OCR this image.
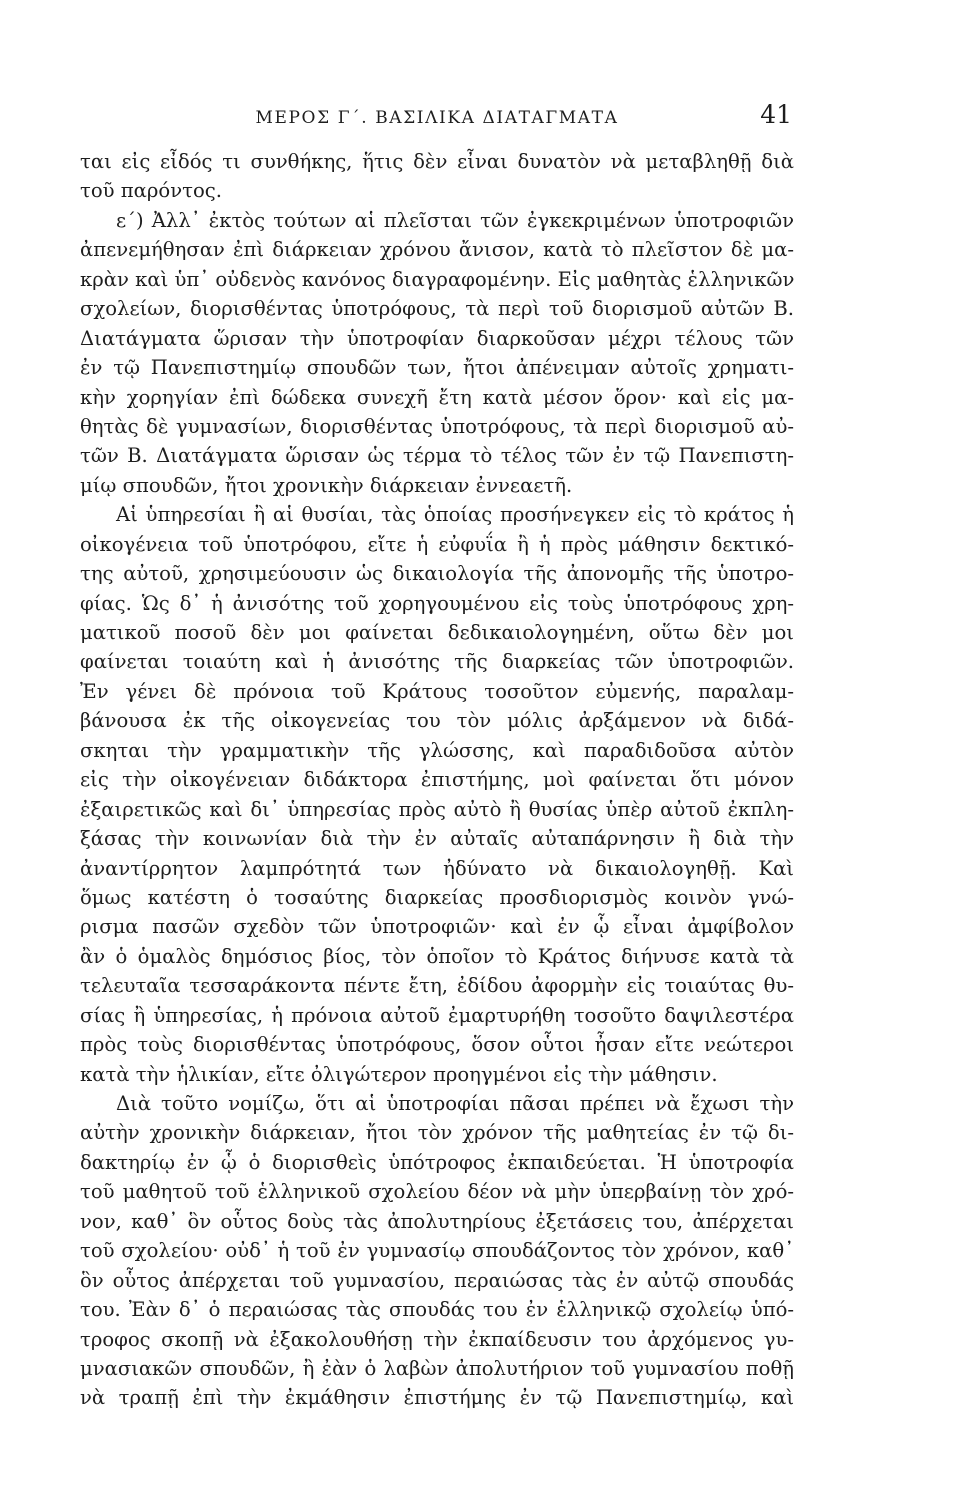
ΜΕΡΟΣ Γ΄. ΒΑΣΙΛΙΚΑ ΔΙΑΤΑΓΜΑΤΑ	41
ται εἰς εἶδός τι συνθήκης, ἥτις δὲν εἶναι δυνατὸν νὰ μεταβληθῇ διὰ
τοῦ παρόντος.
ε΄) Ἀλλ᾽ ἐκτὸς τούτων αἱ πλεῖσται τῶν ἐγκεκριμένων ὑποτροφιῶν
ἀπενεμήθησαν ἐπὶ διάρκειαν χρόνου ἄνισον, κατὰ τὸ πλεῖστον δὲ μα-
κρὰν καὶ ὑπ᾽ οὐδενὸς κανόνος διαγραφομένην. Εἰς μαθητὰς ἑλληνικῶν
σχολείων, διορισθέντας ὑποτρόφους, τὰ περὶ τοῦ διορισμοῦ αὐτῶν Β.
Διατάγματα ὥρισαν τὴν ὑποτροφίαν διαρκοῦσαν μέχρι τέλους τῶν
ἐν τῷ Πανεπιστημίῳ σπουδῶν των, ἤτοι ἀπένειμαν αὐτοῖς χρηματι-
κὴν χορηγίαν ἐπὶ δώδεκα συνεχῆ ἔτη κατὰ μέσον ὅρον· καὶ εἰς μα-
θητὰς δὲ γυμνασίων, διορισθέντας ὑποτρόφους, τὰ περὶ διορισμοῦ αὐ-
τῶν Β. Διατάγματα ὥρισαν ὡς τέρμα τὸ τέλος τῶν ἐν τῷ Πανεπιστη-
μίῳ σπουδῶν, ἤτοι χρονικὴν διάρκειαν ἐννεαετῆ.
Αἱ ὑπηρεσίαι ἢ αἱ θυσίαι, τὰς ὁποίας προσήνεγκεν εἰς τὸ κράτος ἡ
οἰκογένεια τοῦ ὑποτρόφου, εἴτε ἡ εὐφυΐα ἢ ἡ πρὸς μάθησιν δεκτικό-
της αὐτοῦ, χρησιμεύουσιν ὡς δικαιολογία τῆς ἀπονομῆς τῆς ὑποτρο-
φίας. Ὡς δ᾽ ἡ ἀνισότης τοῦ χορηγουμένου εἰς τοὺς ὑποτρόφους χρη-
ματικοῦ ποσοῦ δὲν μοι φαίνεται δεδικαιολογημένη, οὕτω δὲν μοι
φαίνεται τοιαύτη καὶ ἡ ἀνισότης τῆς διαρκείας τῶν ὑποτροφιῶν.
Ἐν γένει δὲ πρόνοια τοῦ Κράτους τοσοῦτον εὐμενής, παραλαμ-
βάνουσα ἐκ τῆς οἰκογενείας του τὸν μόλις ἀρξάμενον νὰ διδά-
σκηται τὴν γραμματικὴν τῆς γλώσσης, καὶ παραδιδοῦσα αὐτὸν
εἰς τὴν οἰκογένειαν διδάκτορα ἐπιστήμης, μοὶ φαίνεται ὅτι μόνον
ἐξαιρετικῶς καὶ δι᾽ ὑπηρεσίας πρὸς αὐτὸ ἢ θυσίας ὑπὲρ αὐτοῦ ἐκπλη-
ξάσας τὴν κοινωνίαν διὰ τὴν ἐν αὐταῖς αὐταπάρνησιν ἢ διὰ τὴν
ἀναντίρρητον λαμπρότητά των ἠδύνατο νὰ δικαιολογηθῇ. Καὶ
ὅμως κατέστη ὁ τοσαύτης διαρκείας προσδιορισμὸς κοινὸν γνώ-
ρισμα πασῶν σχεδὸν τῶν ὑποτροφιῶν· καὶ ἐν ᾧ εἶναι ἀμφίβολον
ἂν ὁ ὁμαλὸς δημόσιος βίος, τὸν ὁποῖον τὸ Κράτος διήνυσε κατὰ τὰ
τελευταῖα τεσσαράκοντα πέντε ἔτη, ἐδίδου ἀφορμὴν εἰς τοιαύτας θυ-
σίας ἢ ὑπηρεσίας, ἡ πρόνοια αὐτοῦ ἐμαρτυρήθη τοσοῦτο δαψιλεστέρα
πρὸς τοὺς διορισθέντας ὑποτρόφους, ὅσον οὗτοι ἦσαν εἴτε νεώτεροι
κατὰ τὴν ἡλικίαν, εἴτε ὀλιγώτερον προηγμένοι εἰς τὴν μάθησιν.
Διὰ τοῦτο νομίζω, ὅτι αἱ ὑποτροφίαι πᾶσαι πρέπει νὰ ἔχωσι τὴν
αὐτὴν χρονικὴν διάρκειαν, ἤτοι τὸν χρόνον τῆς μαθητείας ἐν τῷ δι-
δακτηρίῳ ἐν ᾧ ὁ διορισθεὶς ὑπότροφος ἐκπαιδεύεται. Ἡ ὑποτροφία
τοῦ μαθητοῦ τοῦ ἑλληνικοῦ σχολείου δέον νὰ μὴν ὑπερβαίνῃ τὸν χρό-
νον, καθ᾽ ὃν οὗτος δοὺς τὰς ἀπολυτηρίους ἐξετάσεις του, ἀπέρχεται
τοῦ σχολείου· οὐδ᾽ ἡ τοῦ ἐν γυμνασίῳ σπουδάζοντος τὸν χρόνον, καθ᾽
ὃν οὗτος ἀπέρχεται τοῦ γυμνασίου, περαιώσας τὰς ἐν αὐτῷ σπουδάς
του. Ἐὰν δ᾽ ὁ περαιώσας τὰς σπουδάς του ἐν ἑλληνικῷ σχολείῳ ὑπό-
τροφος σκοπῇ νὰ ἐξακολουθήσῃ τὴν ἐκπαίδευσιν του ἀρχόμενος γυ-
μνασιακῶν σπουδῶν, ἢ ἐὰν ὁ λαβὼν ἀπολυτήριον τοῦ γυμνασίου ποθῇ
νὰ τραπῇ ἐπὶ τὴν ἐκμάθησιν ἐπιστήμης ἐν τῷ Πανεπιστημίῳ, καὶ
